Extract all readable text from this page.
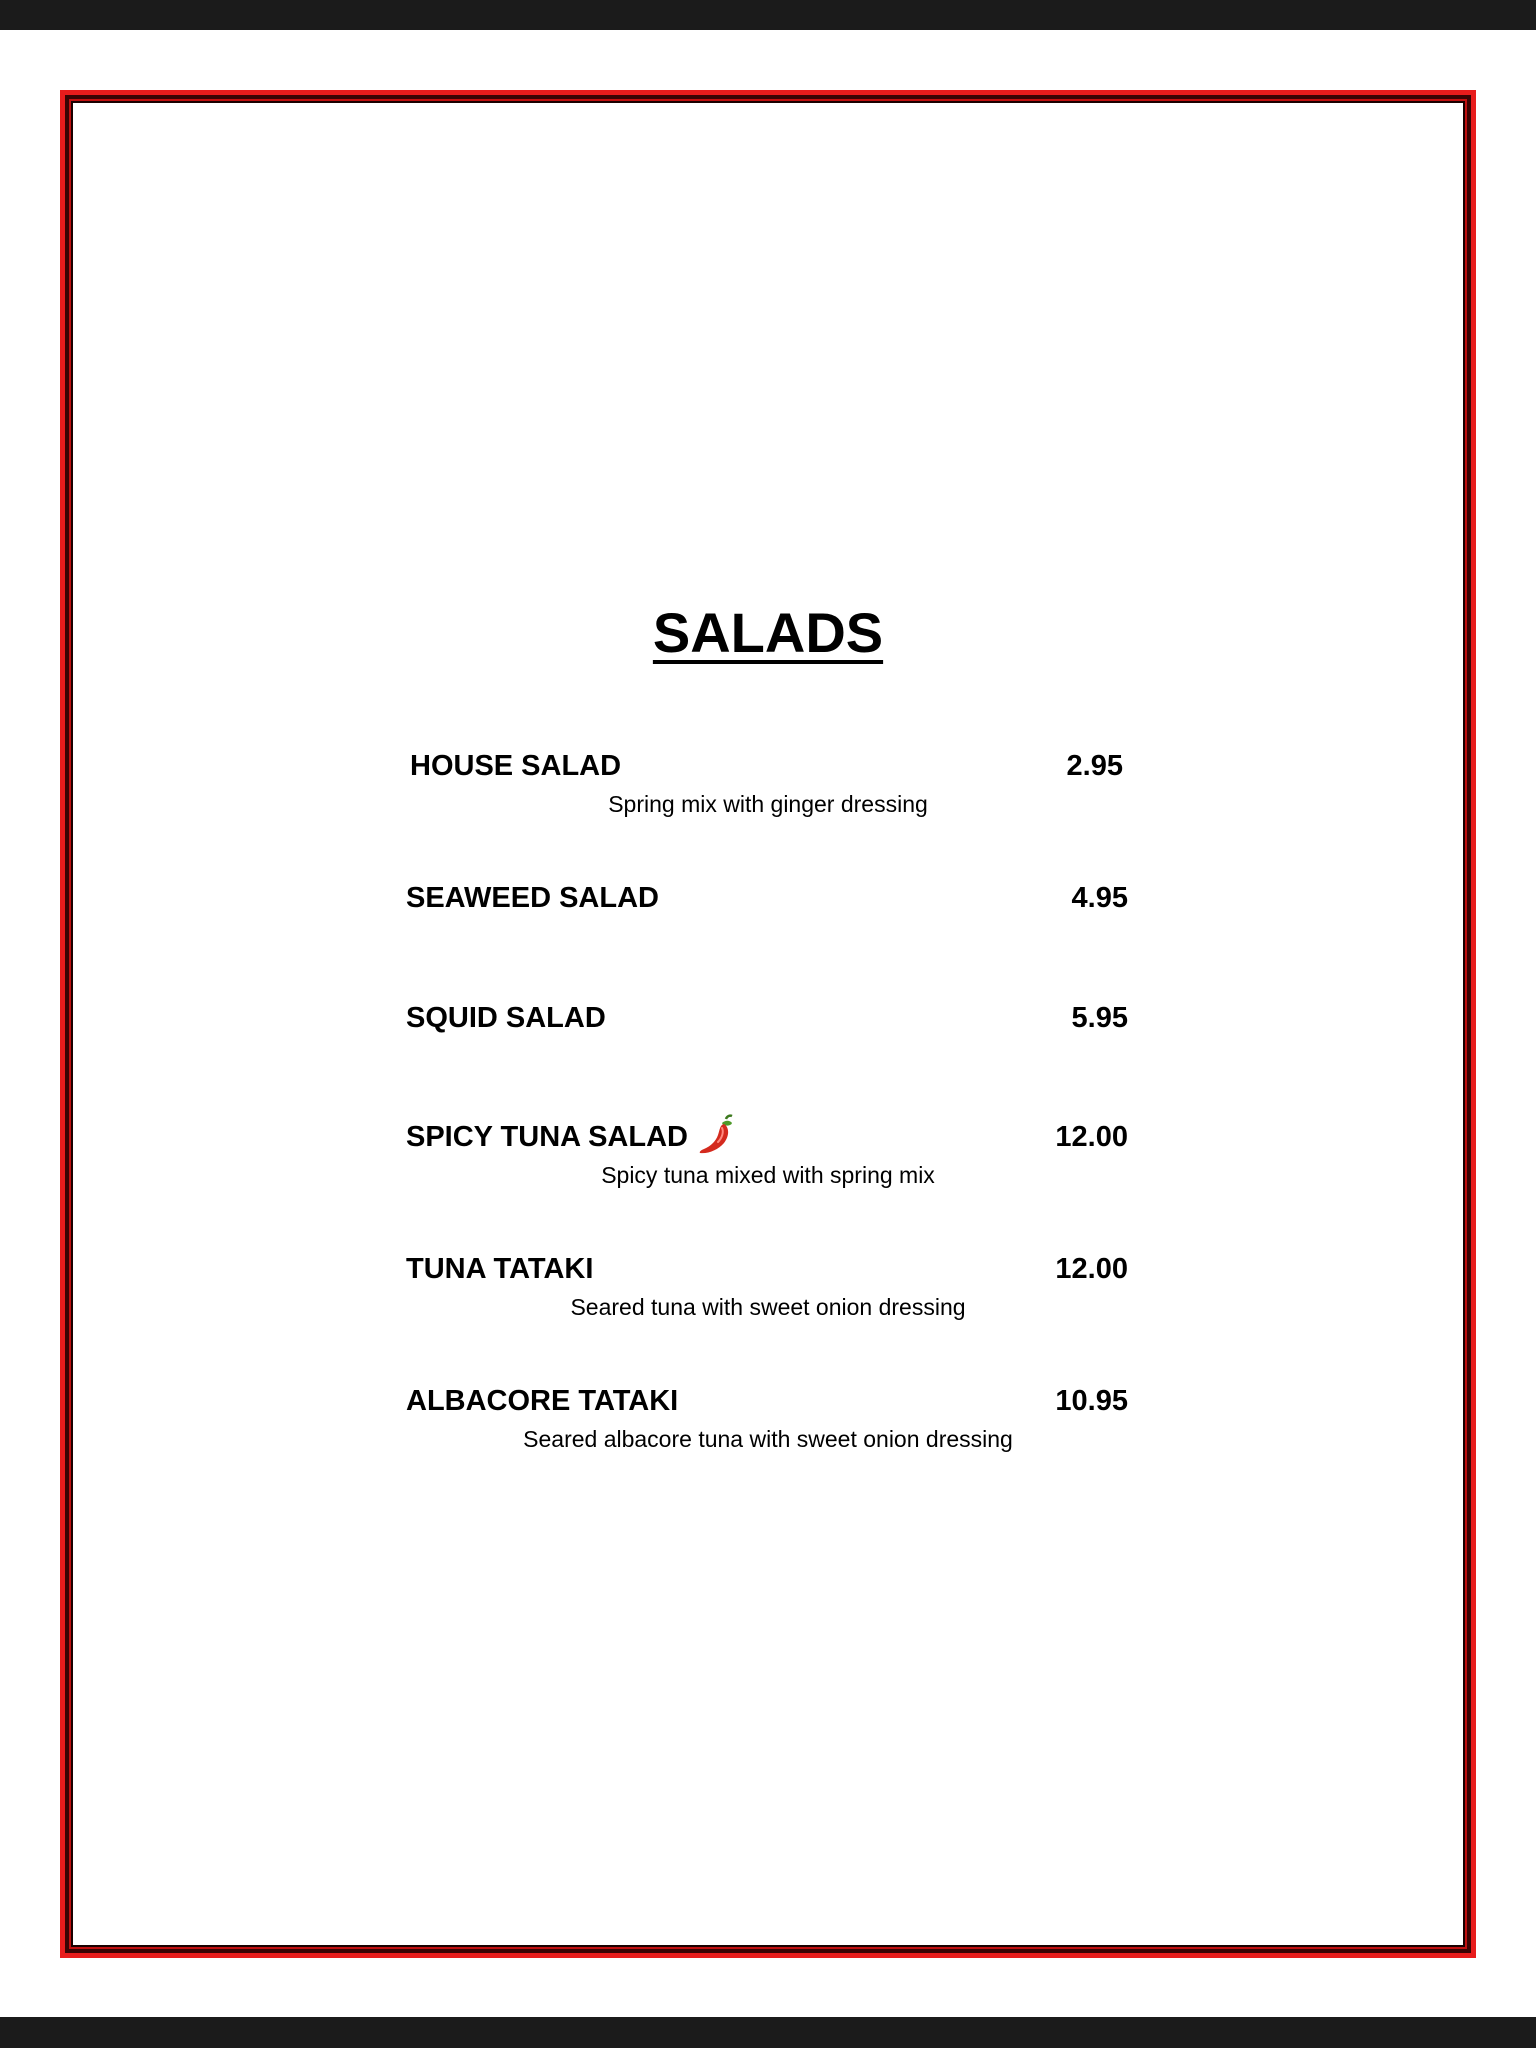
SALADS
HOUSE SALAD	2.95
Spring mix with ginger dressing
SEAWEED SALAD	4.95
SQUID SALAD	5.95
SPICY TUNA SALAD	12.00
Spicy tuna mixed with spring mix
TUNA TATAKI	12.00
Seared tuna with sweet onion dressing
ALBACORE TATAKI	10.95
Seared albacore tuna with sweet onion dressing
